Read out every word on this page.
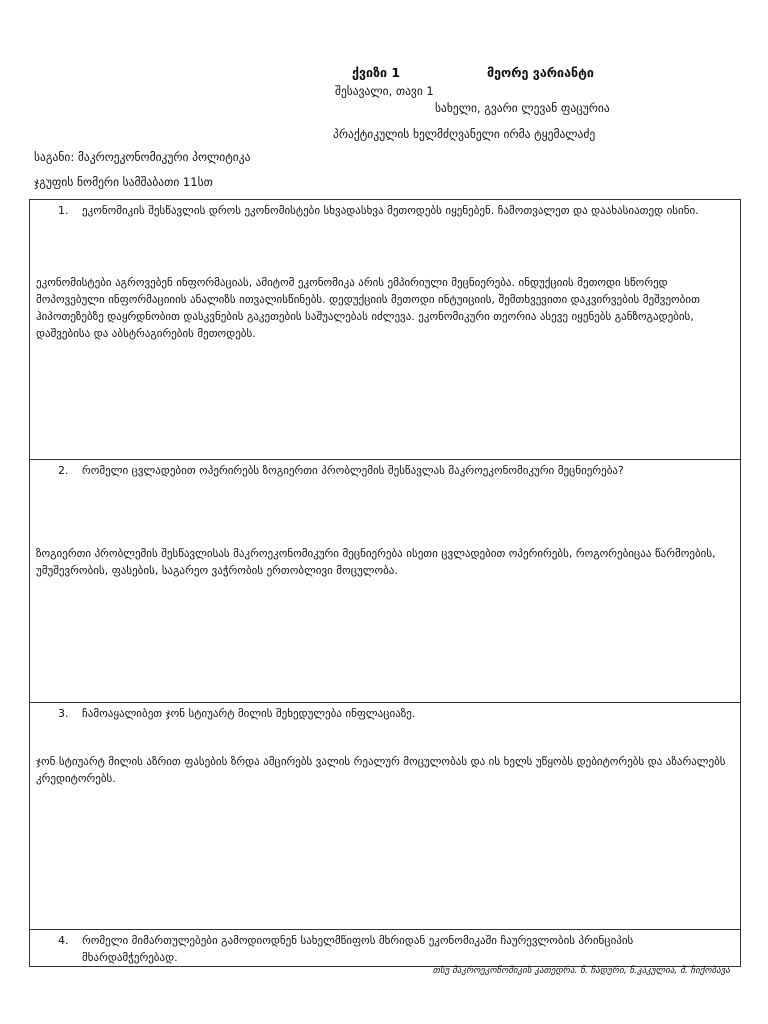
ქვიზი 1	მეორე ვარიანტი
შესავალი, თავი 1
სახელი, გვარი ლევან ფაცურია
პრაქტიკულის ხელმძღვანელი ირმა ტყემალაძე
საგანი: მაკროეკონომიკური პოლიტიკა
ჯგუფის ნომერი სამშაბათი 11სთ
1.	ეკონომიკის შესწავლის დროს ეკონომისტები სხვადასხვა მეთოდებს იყენებენ. ჩამოთვალეთ და დაახასიათედ ისინი.
ეკონომისტები აგროვებენ ინფორმაციას, ამიტომ ეკონომიკა არის ემპირიული მეცნიერება. ინდუქციის მეთოდი სწორედ მოპოვებული ინფორმაციიის ანალიზს ითვალისწინებს. დედუქციის მეთოდი ინტუიციის, შემთხვევითი დაკვირვების მეშვეობით ჰიპოთეზებზე დაყრდნობით დასკვნების გაკეთების საშუალებას იძლევა. ეკონომიკური თეორია ასევე იყენებს განზოგადების, დაშვებისა და აბსტრაგირების მეთოდებს.

2.	რომელი ცვლადებით ოპერირებს ზოგიერთი პრობლემის შესწავლას მაკროეკონომიკური მეცნიერება?
ზოგიერთი პრობლემის შესწავლისას მაკროეკონომიკური მეცნიერება ისეთი ცვლადებით ოპერირებს, როგორებიცაა წარმოების, უმუშევრობის, ფასების, საგარეო ვაჭრობის ერთობლივი მოცულობა.

3.	ჩამოაყალიბეთ ჯონ სტიუარტ მილის შეხედულება ინფლაციაზე.
ჯონ სტიუარტ მილის აზრით ფასების ზრდა ამცირებს ვალის რეალურ მოცულობას და ის ხელს უწყობს დებიტორებს და აზარალებს კრედიტორებს.

4.	რომელი მიმართულებები გამოდიოდნენ სახელმწიფოს მხრიდან ეკონომიკაში ჩაურევლობის პრინციპის მხარდამჭერებად.
თსუ მაკროეკონომიკის კათედრა. ნ. ჩადური, ნ.კაკულია, მ. ჩიქობავა
